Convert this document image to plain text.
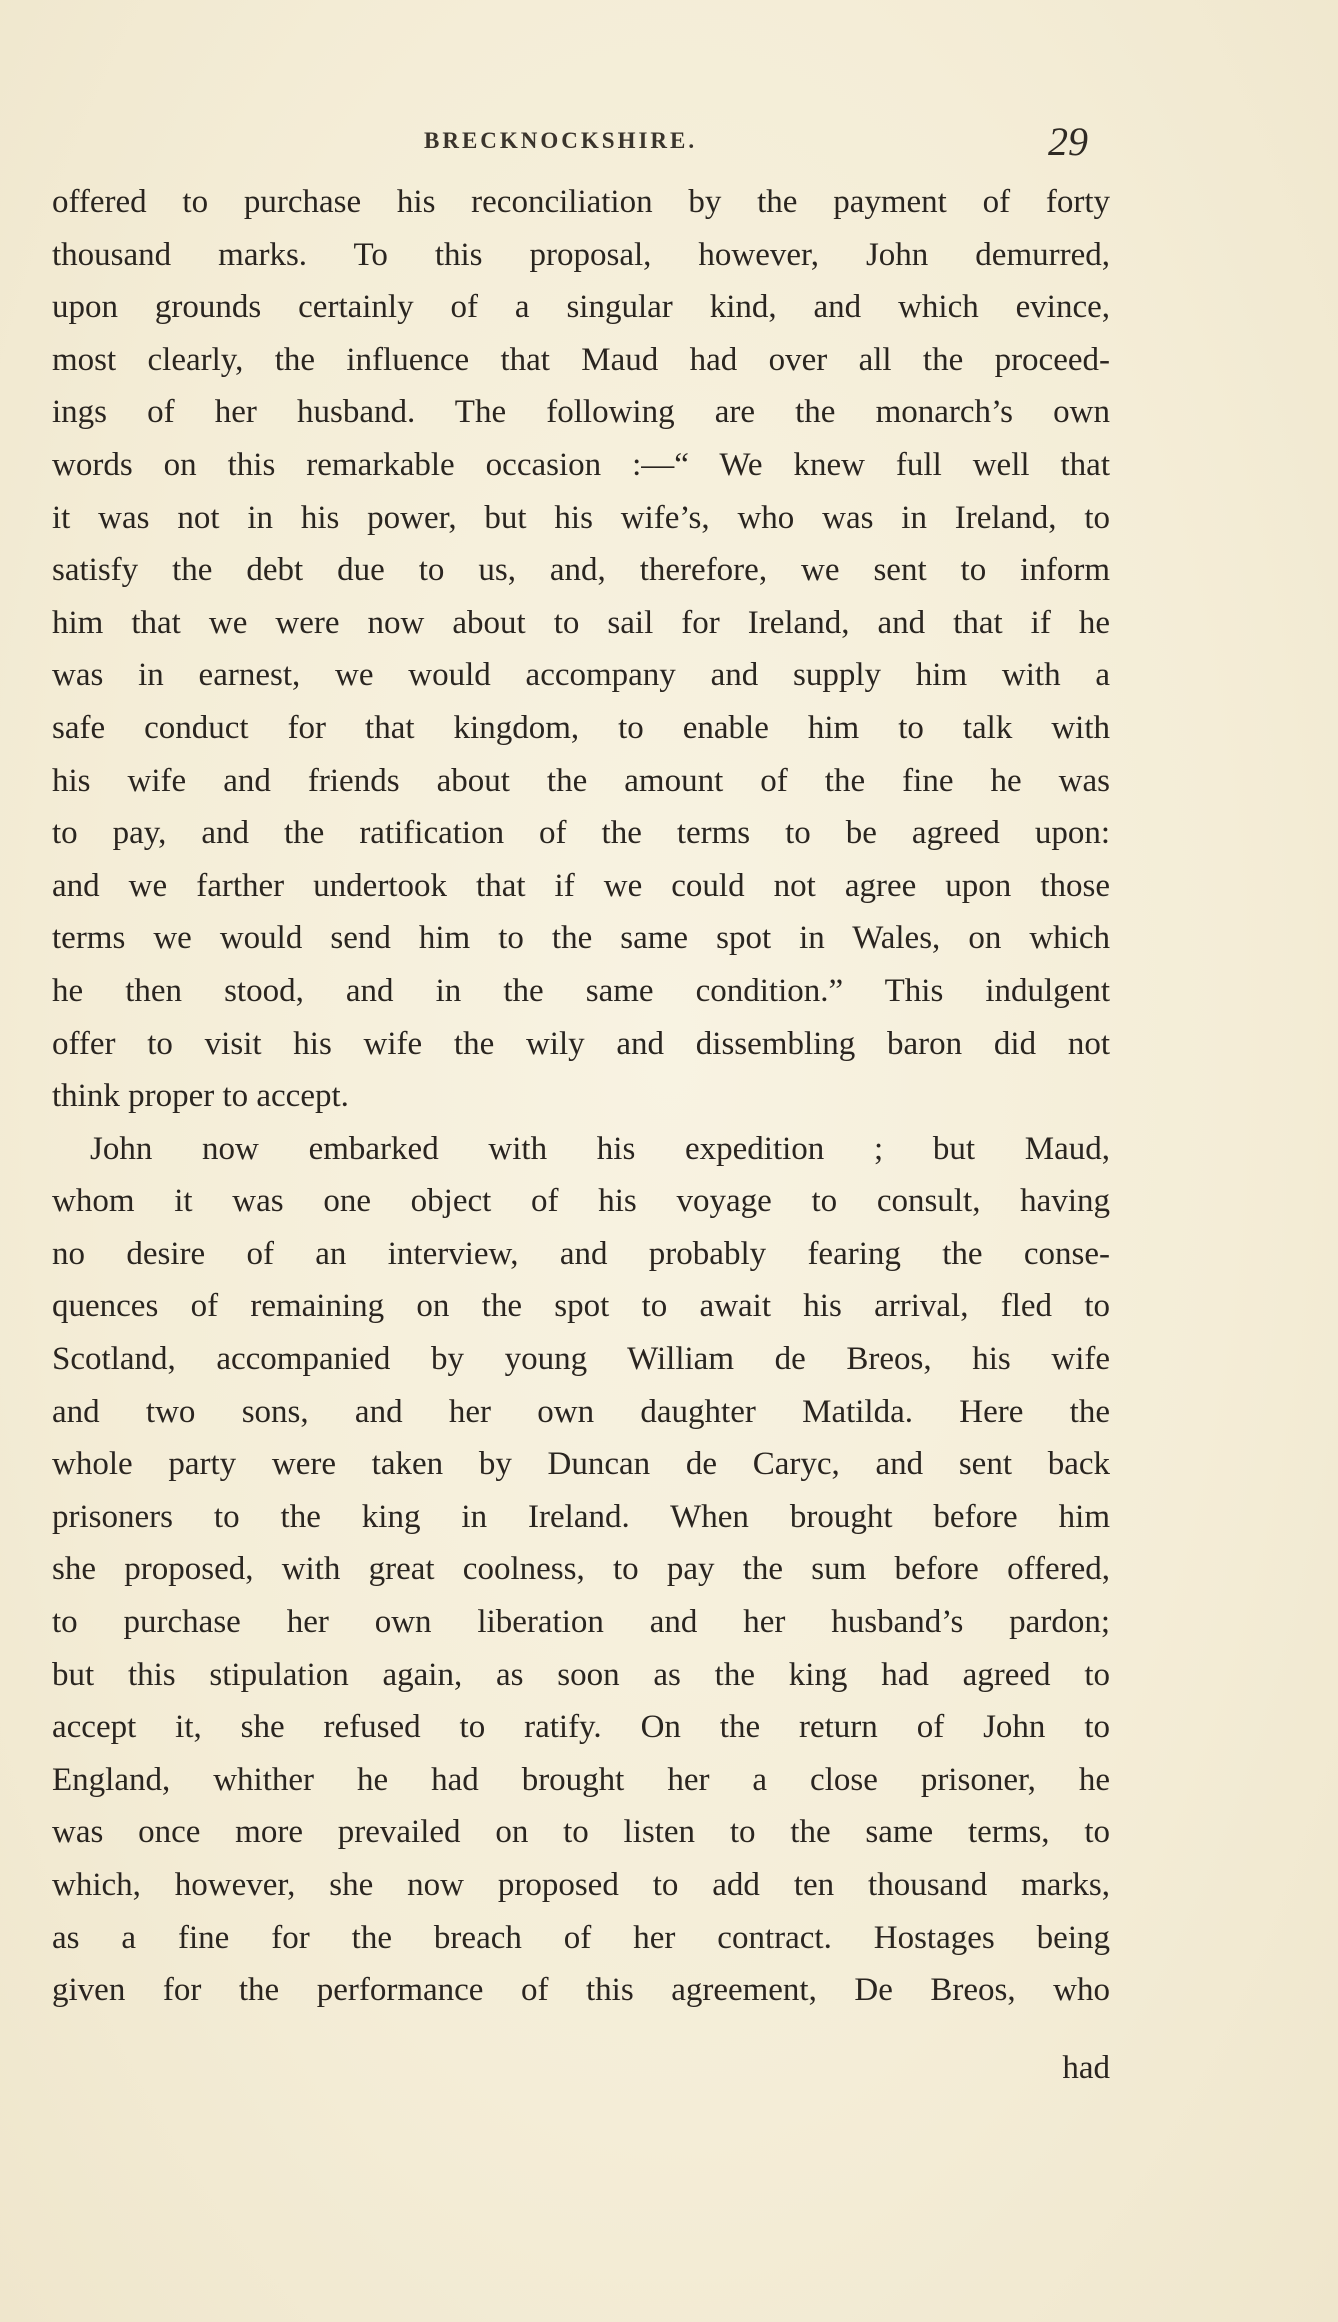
BRECKNOCKSHIRE.	29
offered to purchase his reconciliation by the payment of forty
thousand marks. To this proposal, however, John demurred,
upon grounds certainly of a singular kind, and which evince,
most clearly, the influence that Maud had over all the proceed-
ings of her husband. The following are the monarch’s own
words on this remarkable occasion :—“ We knew full well that
it was not in his power, but his wife’s, who was in Ireland, to
satisfy the debt due to us, and, therefore, we sent to inform
him that we were now about to sail for Ireland, and that if he
was in earnest, we would accompany and supply him with a
safe conduct for that kingdom, to enable him to talk with
his wife and friends about the amount of the fine he was
to pay, and the ratification of the terms to be agreed upon:
and we farther undertook that if we could not agree upon those
terms we would send him to the same spot in Wales, on which
he then stood, and in the same condition.” This indulgent
offer to visit his wife the wily and dissembling baron did not
think proper to accept.
John now embarked with his expedition ; but Maud,
whom it was one object of his voyage to consult, having
no desire of an interview, and probably fearing the conse-
quences of remaining on the spot to await his arrival, fled to
Scotland, accompanied by young William de Breos, his wife
and two sons, and her own daughter Matilda. Here the
whole party were taken by Duncan de Caryc, and sent back
prisoners to the king in Ireland. When brought before him
she proposed, with great coolness, to pay the sum before offered,
to purchase her own liberation and her husband’s pardon;
but this stipulation again, as soon as the king had agreed to
accept it, she refused to ratify. On the return of John to
England, whither he had brought her a close prisoner, he
was once more prevailed on to listen to the same terms, to
which, however, she now proposed to add ten thousand marks,
as a fine for the breach of her contract. Hostages being
given for the performance of this agreement, De Breos, who
had
